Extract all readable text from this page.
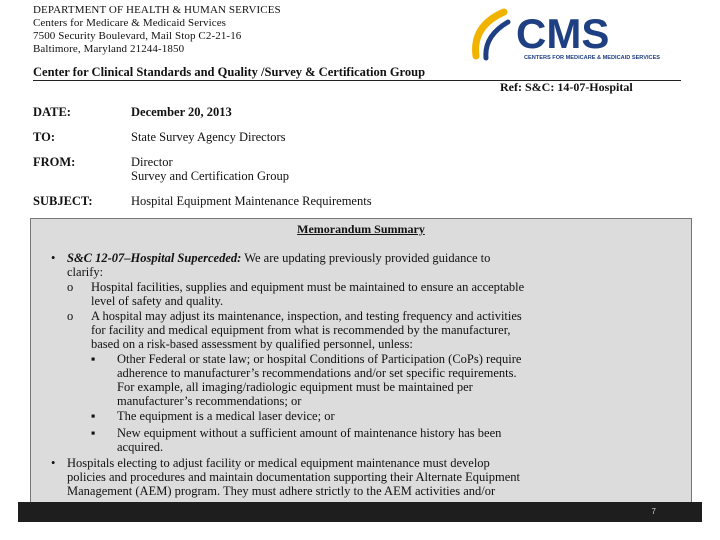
DEPARTMENT OF HEALTH & HUMAN SERVICES
Centers for Medicare & Medicaid Services
7500 Security Boulevard, Mail Stop C2-21-16
Baltimore, Maryland 21244-1850	CMS
CENTERS FOR MEDICARE & MEDICAID SERVICES
Center for Clinical Standards and Quality /Survey & Certification Group
Ref: S&C: 14-07-Hospital
DATE:	December 20, 2013
TO:	State Survey Agency Directors
FROM:	Director
Survey and Certification Group
SUBJECT:	Hospital Equipment Maintenance Requirements
Memorandum Summary
• S&C 12-07–Hospital Superceded: We are updating previously provided guidance to
clarify:
o Hospital facilities, supplies and equipment must be maintained to ensure an acceptable
level of safety and quality.
o A hospital may adjust its maintenance, inspection, and testing frequency and activities
for facility and medical equipment from what is recommended by the manufacturer,
based on a risk-based assessment by qualified personnel, unless:
▪ Other Federal or state law; or hospital Conditions of Participation (CoPs) require
adherence to manufacturer’s recommendations and/or set specific requirements.
For example, all imaging/radiologic equipment must be maintained per
manufacturer’s recommendations; or
▪ The equipment is a medical laser device; or
▪ New equipment without a sufficient amount of maintenance history has been
acquired.
• Hospitals electing to adjust facility or medical equipment maintenance must develop
policies and procedures and maintain documentation supporting their Alternate Equipment
Management (AEM) program. They must adhere strictly to the AEM activities and/or
7
